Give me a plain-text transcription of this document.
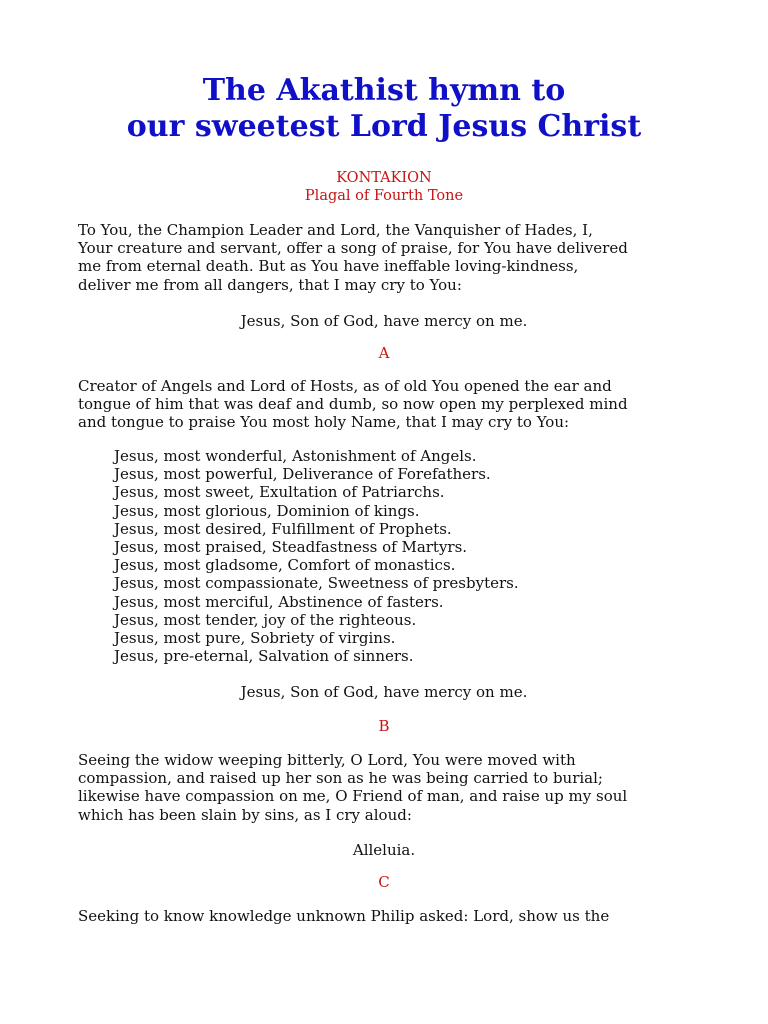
The Akathist hymn to
our sweetest Lord Jesus Christ
KONTAKION
Plagal of Fourth Tone
To You, the Champion Leader and Lord, the Vanquisher of Hades, I,
Your creature and servant, offer a song of praise, for You have delivered
me from eternal death. But as You have ineffable loving-kindness,
deliver me from all dangers, that I may cry to You:
Jesus, Son of God, have mercy on me.
A
Creator of Angels and Lord of Hosts, as of old You opened the ear and
tongue of him that was deaf and dumb, so now open my perplexed mind
and tongue to praise You most holy Name, that I may cry to You:
Jesus, most wonderful, Astonishment of Angels.
Jesus, most powerful, Deliverance of Forefathers.
Jesus, most sweet, Exultation of Patriarchs.
Jesus, most glorious, Dominion of kings.
Jesus, most desired, Fulfillment of Prophets.
Jesus, most praised, Steadfastness of Martyrs.
Jesus, most gladsome, Comfort of monastics.
Jesus, most compassionate, Sweetness of presbyters.
Jesus, most merciful, Abstinence of fasters.
Jesus, most tender, joy of the righteous.
Jesus, most pure, Sobriety of virgins.
Jesus, pre-eternal, Salvation of sinners.
Jesus, Son of God, have mercy on me.
B
Seeing the widow weeping bitterly, O Lord, You were moved with
compassion, and raised up her son as he was being carried to burial;
likewise have compassion on me, O Friend of man, and raise up my soul
which has been slain by sins, as I cry aloud:
Alleluia.
C
Seeking to know knowledge unknown Philip asked: Lord, show us the
